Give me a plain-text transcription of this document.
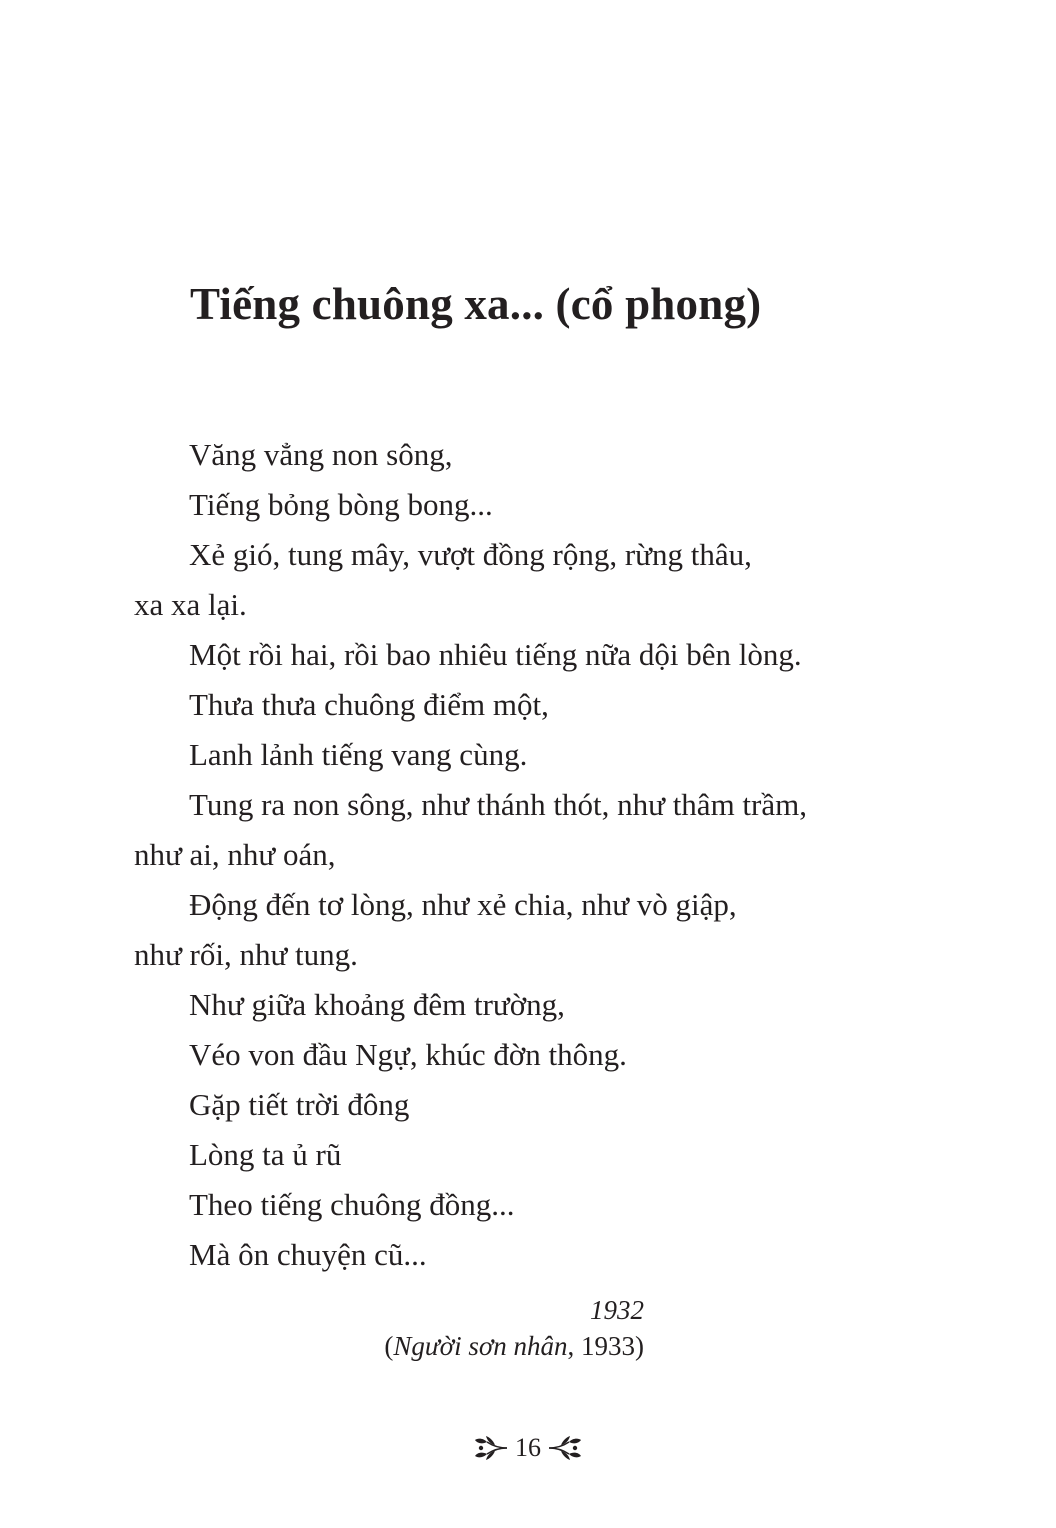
Tiếng chuông xa... (cổ phong)
Văng vẳng non sông,
Tiếng bỏng bòng bong...
Xẻ gió, tung mây, vượt đồng rộng, rừng thâu,
xa xa lại.
Một rồi hai, rồi bao nhiêu tiếng nữa dội bên lòng.
Thưa thưa chuông điểm một,
Lanh lảnh tiếng vang cùng.
Tung ra non sông, như thánh thót, như thâm trầm,
như ai, như oán,
Động đến tơ lòng, như xẻ chia, như vò giập,
như rối, như tung.
Như giữa khoảng đêm trường,
Véo von đầu Ngự, khúc đờn thông.
Gặp tiết trời đông
Lòng ta ủ rũ
Theo tiếng chuông đồng...
Mà ôn chuyện cũ...
1932
(Người sơn nhân, 1933)
16
